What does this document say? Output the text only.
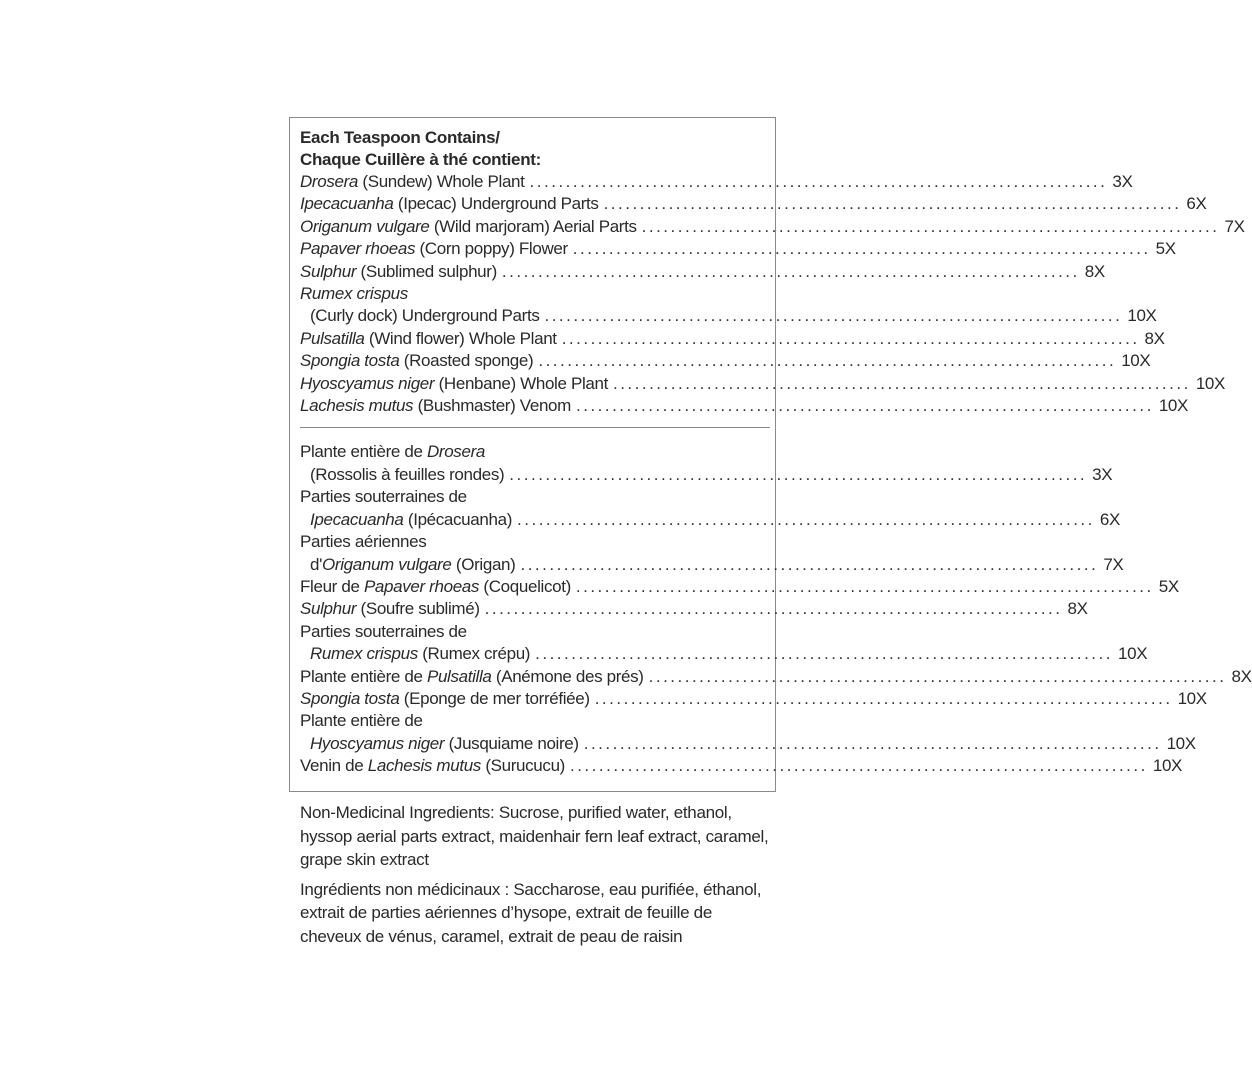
Each Teaspoon Contains/
Chaque Cuillère à thé contient:
Drosera (Sundew) Whole Plant ................................................................................ 3X
Ipecacuanha (Ipecac) Underground Parts ................................................................................ 6X
Origanum vulgare (Wild marjoram) Aerial Parts ................................................................................ 7X
Papaver rhoeas (Corn poppy) Flower ................................................................................ 5X
Sulphur (Sublimed sulphur) ................................................................................ 8X
Rumex crispus
(Curly dock) Underground Parts ................................................................................ 10X
Pulsatilla (Wind flower) Whole Plant ................................................................................ 8X
Spongia tosta (Roasted sponge) ................................................................................ 10X
Hyoscyamus niger (Henbane) Whole Plant ................................................................................ 10X
Lachesis mutus (Bushmaster) Venom ................................................................................ 10X
Plante entière de Drosera
(Rossolis à feuilles rondes) ................................................................................ 3X
Parties souterraines de
Ipecacuanha (Ipécacuanha) ................................................................................ 6X
Parties aériennes
d'Origanum vulgare (Origan) ................................................................................ 7X
Fleur de Papaver rhoeas (Coquelicot) ................................................................................ 5X
Sulphur (Soufre sublimé) ................................................................................ 8X
Parties souterraines de
Rumex crispus (Rumex crépu) ................................................................................ 10X
Plante entière de Pulsatilla (Anémone des prés) ................................................................................ 8X
Spongia tosta (Eponge de mer torréfiée) ................................................................................ 10X
Plante entière de
Hyoscyamus niger (Jusquiame noire) ................................................................................ 10X
Venin de Lachesis mutus (Surucucu) ................................................................................ 10X

Non-Medicinal Ingredients: Sucrose, purified water, ethanol, hyssop aerial parts extract, maidenhair fern leaf extract, caramel, grape skin extract

Ingrédients non médicinaux : Saccharose, eau purifiée, éthanol, extrait de parties aériennes d’hysope, extrait de feuille de cheveux de vénus, caramel, extrait de peau de raisin
